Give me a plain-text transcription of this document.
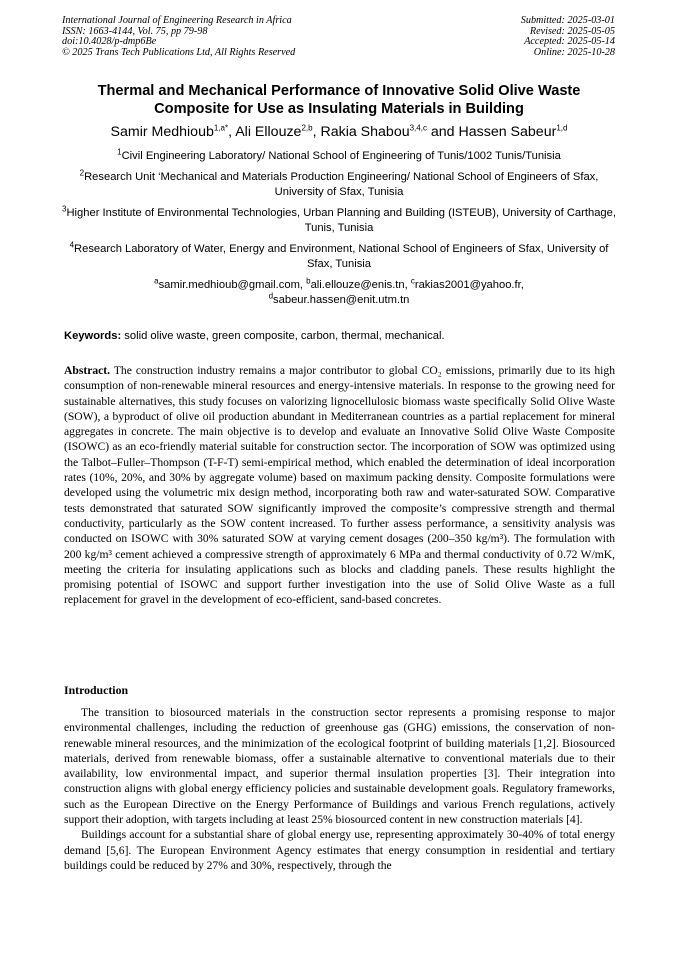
International Journal of Engineering Research in Africa
ISSN: 1663-4144, Vol. 75, pp 79-98
doi:10.4028/p-dmp6Be
© 2025 Trans Tech Publications Ltd, All Rights Reserved
Submitted: 2025-03-01
Revised: 2025-05-05
Accepted: 2025-05-14
Online: 2025-10-28
Thermal and Mechanical Performance of Innovative Solid Olive Waste
Composite for Use as Insulating Materials in Building
Samir Medhioub$^{1,a*}$, Ali Ellouze$^{2,b}$, Rakia Shabou$^{3,4,c}$ and Hassen Sabeur$^{1,d}$
$^1$Civil Engineering Laboratory/ National School of Engineering of Tunis/1002 Tunis/Tunisia
$^2$Research Unit ‘Mechanical and Materials Production Engineering/ National School of Engineers of Sfax, University of Sfax, Tunisia
$^3$Higher Institute of Environmental Technologies, Urban Planning and Building (ISTEUB), University of Carthage, Tunis, Tunisia
$^4$Research Laboratory of Water, Energy and Environment, National School of Engineers of Sfax, University of Sfax, Tunisia
$^a$samir.medhioub@gmail.com, $^b$ali.ellouze@enis.tn, $^c$rakias2001@yahoo.fr,
$^d$sabeur.hassen@enit.utm.tn
Keywords: solid olive waste, green composite, carbon, thermal, mechanical.
Abstract. The construction industry remains a major contributor to global CO₂ emissions, primarily due to its high consumption of non-renewable mineral resources and energy-intensive materials. In response to the growing need for sustainable alternatives, this study focuses on valorizing lignocellulosic biomass waste specifically Solid Olive Waste (SOW), a byproduct of olive oil production abundant in Mediterranean countries as a partial replacement for mineral aggregates in concrete. The main objective is to develop and evaluate an Innovative Solid Olive Waste Composite (ISOWC) as an eco-friendly material suitable for construction sector. The incorporation of SOW was optimized using the Talbot–Fuller–Thompson (T-F-T) semi-empirical method, which enabled the determination of ideal incorporation rates (10%, 20%, and 30% by aggregate volume) based on maximum packing density. Composite formulations were developed using the volumetric mix design method, incorporating both raw and water-saturated SOW. Comparative tests demonstrated that saturated SOW significantly improved the composite’s compressive strength and thermal conductivity, particularly as the SOW content increased. To further assess performance, a sensitivity analysis was conducted on ISOWC with 30% saturated SOW at varying cement dosages (200–350 kg/m³). The formulation with 200 kg/m³ cement achieved a compressive strength of approximately 6 MPa and thermal conductivity of 0.72 W/mK, meeting the criteria for insulating applications such as blocks and cladding panels. These results highlight the promising potential of ISOWC and support further investigation into the use of Solid Olive Waste as a full replacement for gravel in the development of eco-efficient, sand-based concretes.
Introduction

The transition to biosourced materials in the construction sector represents a promising response to major environmental challenges, including the reduction of greenhouse gas (GHG) emissions, the conservation of non-renewable mineral resources, and the minimization of the ecological footprint of building materials [1,2]. Biosourced materials, derived from renewable biomass, offer a sustainable alternative to conventional materials due to their availability, low environmental impact, and superior thermal insulation properties [3]. Their integration into construction aligns with global energy efficiency policies and sustainable development goals. Regulatory frameworks, such as the European Directive on the Energy Performance of Buildings and various French regulations, actively support their adoption, with targets including at least 25% biosourced content in new construction materials [4].

Buildings account for a substantial share of global energy use, representing approximately 30-40% of total energy demand [5,6]. The European Environment Agency estimates that energy consumption in residential and tertiary buildings could be reduced by 27% and 30%, respectively, through the
